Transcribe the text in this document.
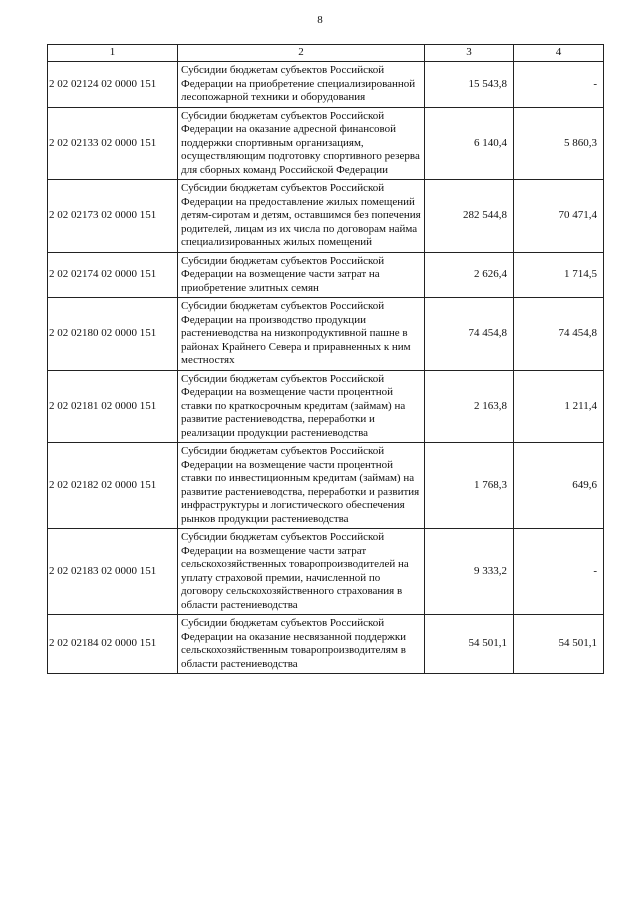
8
1	2	3	4
2 02 02124 02 0000 151	Субсидии бюджетам субъектов Российской Федерации на приобретение специализированной лесопожарной техники и оборудования	15 543,8	-
2 02 02133 02 0000 151	Субсидии бюджетам субъектов Российской Федерации на оказание адресной финансовой поддержки спортивным организациям, осуществляющим подготовку спортивного резерва для сборных команд Российской Федерации	6 140,4	5 860,3
2 02 02173 02 0000 151	Субсидии бюджетам субъектов Российской Федерации на предоставление жилых помещений детям-сиротам и детям, оставшимся без попечения родителей, лицам из их числа по договорам найма специализированных жилых помещений	282 544,8	70 471,4
2 02 02174 02 0000 151	Субсидии бюджетам субъектов Российской Федерации на возмещение части затрат на приобретение элитных семян	2 626,4	1 714,5
2 02 02180 02 0000 151	Субсидии бюджетам субъектов Российской Федерации на производство продукции растениеводства на низкопродуктивной пашне в районах Крайнего Севера и приравненных к ним местностях	74 454,8	74 454,8
2 02 02181 02 0000 151	Субсидии бюджетам субъектов Российской Федерации на возмещение части процентной ставки по краткосрочным кредитам (займам) на развитие растениеводства, переработки и реализации продукции растениеводства	2 163,8	1 211,4
2 02 02182 02 0000 151	Субсидии бюджетам субъектов Российской Федерации на возмещение части процентной ставки по инвестиционным кредитам (займам) на развитие растениеводства, переработки и развития инфраструктуры и логистического обеспечения рынков продукции растениеводства	1 768,3	649,6
2 02 02183 02 0000 151	Субсидии бюджетам субъектов Российской Федерации на возмещение части затрат сельскохозяйственных товаропроизводителей на уплату страховой премии, начисленной по договору сельскохозяйственного страхования в области растениеводства	9 333,2	-
2 02 02184 02 0000 151	Субсидии бюджетам субъектов Российской Федерации на оказание несвязанной поддержки сельскохозяйственным товаропроизводителям в области растениеводства	54 501,1	54 501,1
